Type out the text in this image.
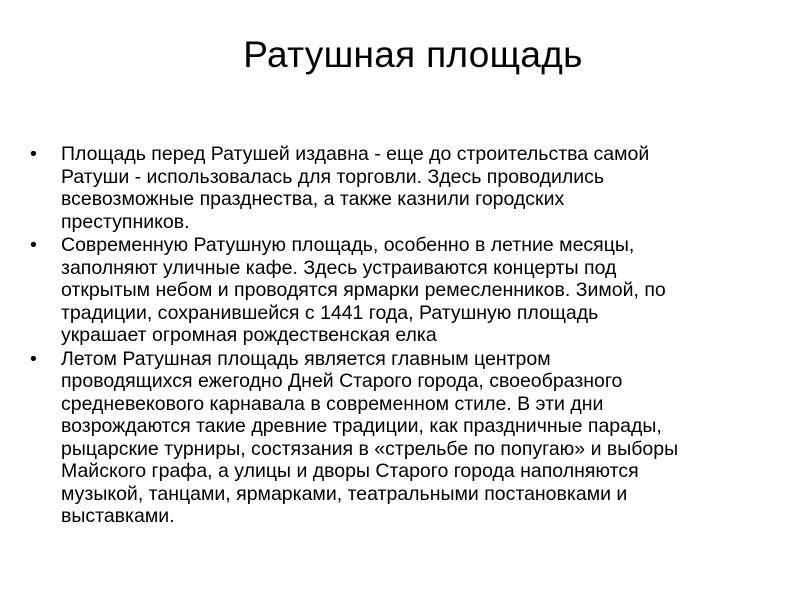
Ратушная площадь
• Площадь перед Ратушей издавна - еще до строительства самой
Ратуши - использовалась для торговли. Здесь проводились
всевозможные празднества, а также казнили городских
преступников.
• Современную Ратушную площадь, особенно в летние месяцы,
заполняют уличные кафе. Здесь устраиваются концерты под
открытым небом и проводятся ярмарки ремесленников. Зимой, по
традиции, сохранившейся с 1441 года, Ратушную площадь
украшает огромная рождественская елка
• Летом Ратушная площадь является главным центром
проводящихся ежегодно Дней Старого города, своеобразного
средневекового карнавала в современном стиле. В эти дни
возрождаются такие древние традиции, как праздничные парады,
рыцарские турниры, состязания в «стрельбе по попугаю» и выборы
Майского графа, а улицы и дворы Старого города наполняются
музыкой, танцами, ярмарками, театральными постановками и
выставками.
